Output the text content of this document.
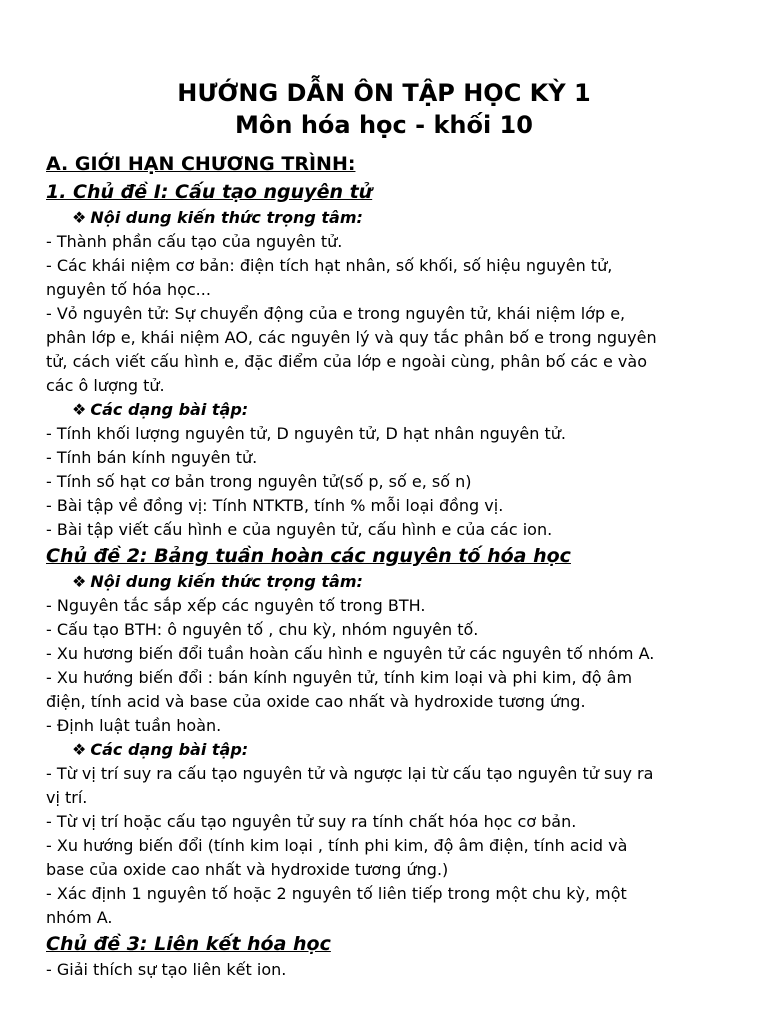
HƯỚNG DẪN ÔN TẬP HỌC KỲ 1
Môn hóa học - khối 10

A. GIỚI HẠN CHƯƠNG TRÌNH:

1. Chủ đề I: Cấu tạo nguyên tử

❖ Nội dung kiến thức trọng tâm:

- Thành phần cấu tạo của nguyên tử.
- Các khái niệm cơ bản: điện tích hạt nhân, số khối, số hiệu nguyên tử,
nguyên tố hóa học...
- Vỏ nguyên tử: Sự chuyển động của e trong nguyên tử, khái niệm lớp e,
phân lớp e, khái niệm AO, các nguyên lý và quy tắc phân bố e trong nguyên
tử, cách viết cấu hình e, đặc điểm của lớp e ngoài cùng, phân bố các e vào
các ô lượng tử.

❖ Các dạng bài tập:

- Tính khối lượng nguyên tử, D nguyên tử, D hạt nhân nguyên tử.
- Tính bán kính nguyên tử.
- Tính số hạt cơ bản trong nguyên tử(số p, số e, số n)
- Bài tập về đồng vị: Tính NTKTB, tính % mỗi loại đồng vị.
- Bài tập viết cấu hình e của nguyên tử, cấu hình e của các ion.

Chủ đề 2: Bảng tuần hoàn các nguyên tố hóa học

❖ Nội dung kiến thức trọng tâm:

- Nguyên tắc sắp xếp các nguyên tố trong BTH.
- Cấu tạo BTH: ô nguyên tố , chu kỳ, nhóm nguyên tố.
- Xu hương biến đổi tuần hoàn cấu hình e nguyên tử các nguyên tố nhóm A.
- Xu hướng biến đổi : bán kính nguyên tử, tính kim loại và phi kim, độ âm
điện, tính acid và base của oxide cao nhất và hydroxide tương ứng.
- Định luật tuần hoàn.

❖ Các dạng bài tập:

- Từ vị trí suy ra cấu tạo nguyên tử và ngược lại từ cấu tạo nguyên tử suy ra
vị trí.
- Từ vị trí hoặc cấu tạo nguyên tử suy ra tính chất hóa học cơ bản.
- Xu hướng biến đổi (tính kim loại , tính phi kim, độ âm điện, tính acid và
base của oxide cao nhất và hydroxide tương ứng.)
- Xác định 1 nguyên tố hoặc 2 nguyên tố liên tiếp trong một chu kỳ, một
nhóm A.

Chủ đề 3: Liên kết hóa học

- Giải thích sự tạo liên kết ion.
